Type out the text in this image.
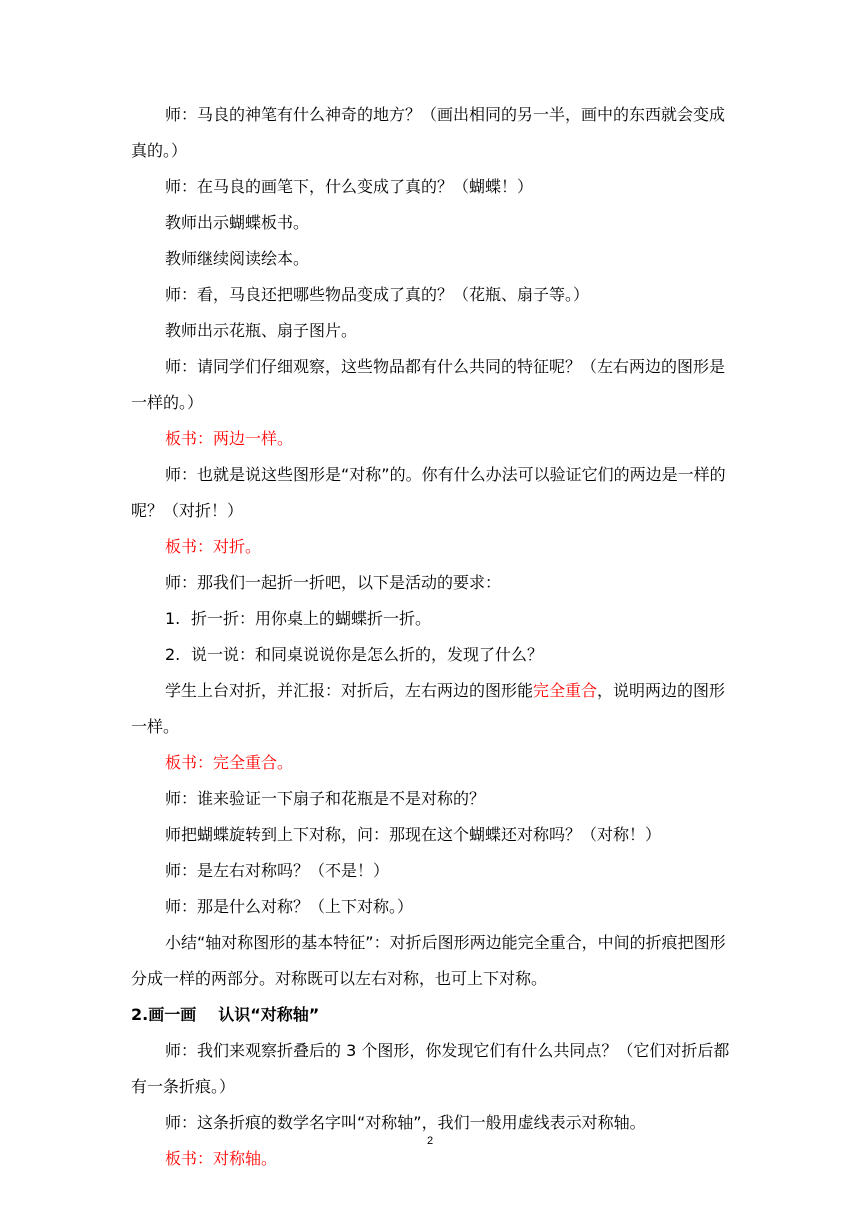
师：马良的神笔有什么神奇的地方？（画出相同的另一半，画中的东西就会变成真的。）

师：在马良的画笔下，什么变成了真的？（蝴蝶！）

教师出示蝴蝶板书。

教师继续阅读绘本。

师：看，马良还把哪些物品变成了真的？（花瓶、扇子等。）

教师出示花瓶、扇子图片。

师：请同学们仔细观察，这些物品都有什么共同的特征呢？（左右两边的图形是一样的。）

板书：两边一样。

师：也就是说这些图形是“对称”的。你有什么办法可以验证它们的两边是一样的呢？（对折！）

板书：对折。

师：那我们一起折一折吧，以下是活动的要求：

1. 折一折：用你桌上的蝴蝶折一折。

2. 说一说：和同桌说说你是怎么折的，发现了什么？

学生上台对折，并汇报：对折后，左右两边的图形能完全重合，说明两边的图形一样。

板书：完全重合。

师：谁来验证一下扇子和花瓶是不是对称的？

师把蝴蝶旋转到上下对称，问：那现在这个蝴蝶还对称吗？（对称！）

师：是左右对称吗？（不是！）

师：那是什么对称？（上下对称。）

小结“轴对称图形的基本特征”：对折后图形两边能完全重合，中间的折痕把图形分成一样的两部分。对称既可以左右对称，也可上下对称。

2.画一画 认识“对称轴”

师：我们来观察折叠后的 3 个图形，你发现它们有什么共同点？（它们对折后都有一条折痕。）

师：这条折痕的数学名字叫“对称轴”，我们一般用虚线表示对称轴。

板书：对称轴。

2
